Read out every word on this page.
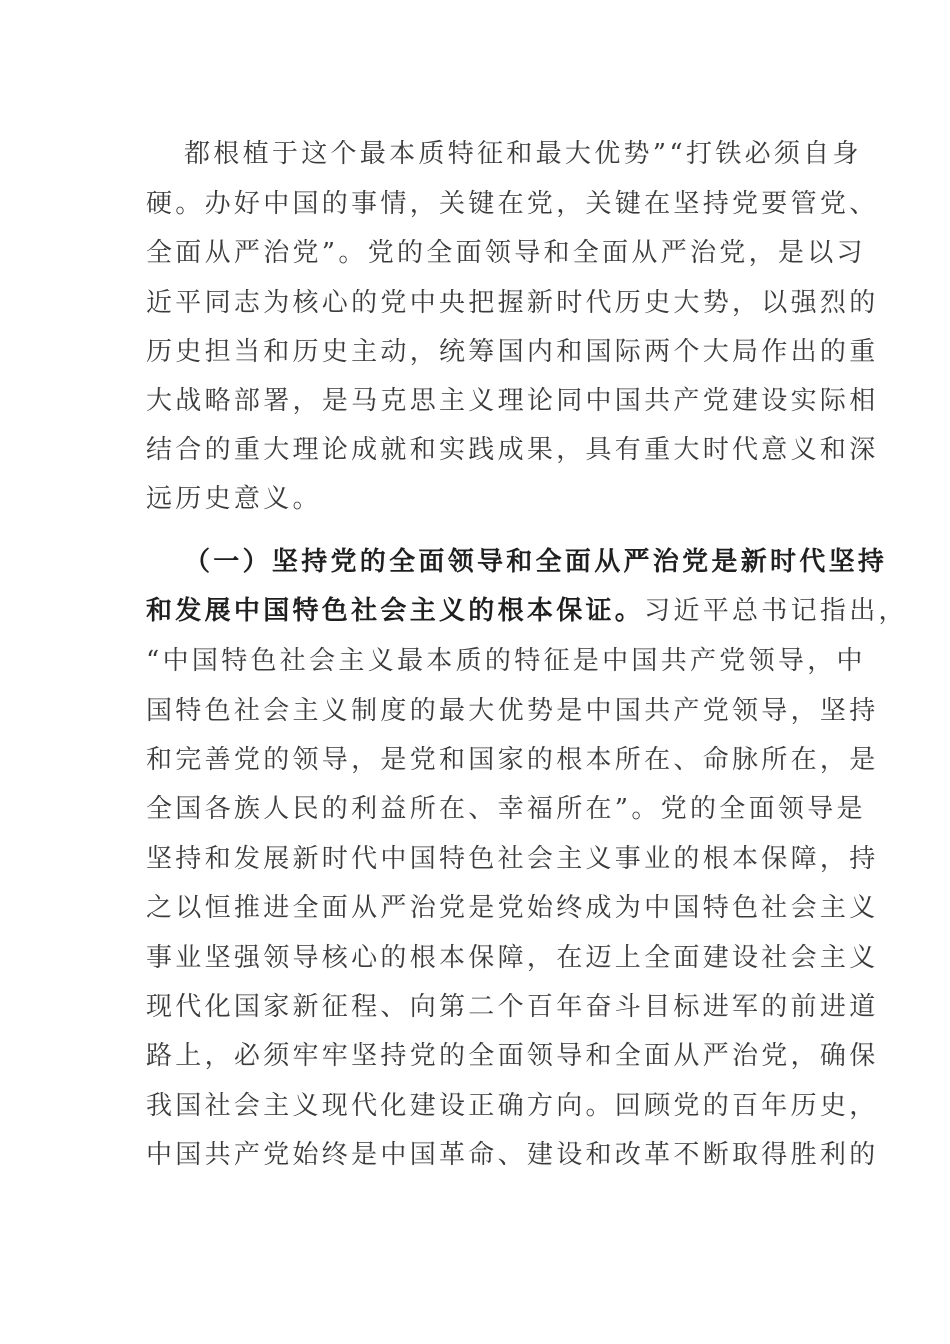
都根植于这个最本质特征和最大优势”“打铁必须自身
硬。办好中国的事情，关键在党，关键在坚持党要管党、
全面从严治党”。党的全面领导和全面从严治党，是以习
近平同志为核心的党中央把握新时代历史大势，以强烈的
历史担当和历史主动，统筹国内和国际两个大局作出的重
大战略部署，是马克思主义理论同中国共产党建设实际相
结合的重大理论成就和实践成果，具有重大时代意义和深
远历史意义。
（一）坚持党的全面领导和全面从严治党是新时代坚持
和发展中国特色社会主义的根本保证。习近平总书记指出，
“中国特色社会主义最本质的特征是中国共产党领导，中
国特色社会主义制度的最大优势是中国共产党领导，坚持
和完善党的领导，是党和国家的根本所在、命脉所在，是
全国各族人民的利益所在、幸福所在”。党的全面领导是
坚持和发展新时代中国特色社会主义事业的根本保障，持
之以恒推进全面从严治党是党始终成为中国特色社会主义
事业坚强领导核心的根本保障，在迈上全面建设社会主义
现代化国家新征程、向第二个百年奋斗目标进军的前进道
路上，必须牢牢坚持党的全面领导和全面从严治党，确保
我国社会主义现代化建设正确方向。回顾党的百年历史，
中国共产党始终是中国革命、建设和改革不断取得胜利的
